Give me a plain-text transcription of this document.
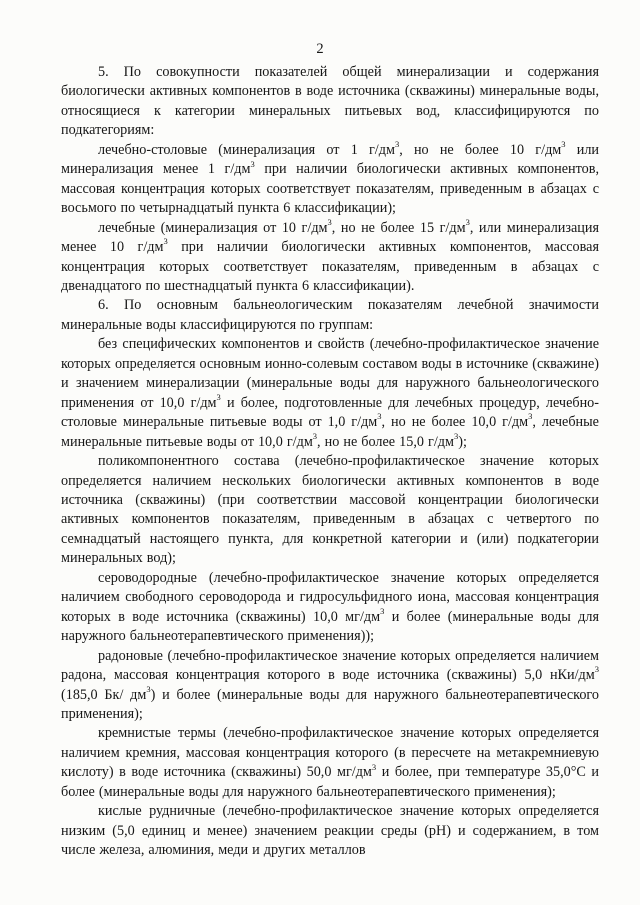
2

5. По совокупности показателей общей минерализации и содержания биологически активных компонентов в воде источника (скважины) минеральные воды, относящиеся к категории минеральных питьевых вод, классифицируются по подкатегориям:

лечебно-столовые (минерализация от 1 $г/дм^3$, но не более 10 $г/дм^3$ или минерализация менее 1 $г/дм^3$ при наличии биологически активных компонентов, массовая концентрация которых соответствует показателям, приведенным в абзацах с восьмого по четырнадцатый пункта 6 классификации);

лечебные (минерализация от 10 $г/дм^3$, но не более 15 $г/дм^3$, или минерализация менее 10 $г/дм^3$ при наличии биологически активных компонентов, массовая концентрация которых соответствует показателям, приведенным в абзацах с двенадцатого по шестнадцатый пункта 6 классификации).

6. По основным бальнеологическим показателям лечебной значимости минеральные воды классифицируются по группам:

без специфических компонентов и свойств (лечебно-профилактическое значение которых определяется основным ионно-солевым составом воды в источнике (скважине) и значением минерализации (минеральные воды для наружного бальнеологического применения от 10,0 $г/дм^3$ и более, подготовленные для лечебных процедур, лечебно-столовые минеральные питьевые воды от 1,0 $г/дм^3$, но не более 10,0 $г/дм^3$, лечебные минеральные питьевые воды от 10,0 $г/дм^3$, но не более 15,0 $г/дм^3$);

поликомпонентного состава (лечебно-профилактическое значение которых определяется наличием нескольких биологически активных компонентов в воде источника (скважины) (при соответствии массовой концентрации биологически активных компонентов показателям, приведенным в абзацах с четвертого по семнадцатый настоящего пункта, для конкретной категории и (или) подкатегории минеральных вод);

сероводородные (лечебно-профилактическое значение которых определяется наличием свободного сероводорода и гидросульфидного иона, массовая концентрация которых в воде источника (скважины) 10,0 $мг/дм^3$ и более (минеральные воды для наружного бальнеотерапевтического применения));

радоновые (лечебно-профилактическое значение которых определяется наличием радона, массовая концентрация которого в воде источника (скважины) 5,0 нКи/$дм^3$ (185,0 Бк/ $дм^3$) и более (минеральные воды для наружного бальнеотерапевтического применения);

кремнистые термы (лечебно-профилактическое значение которых определяется наличием кремния, массовая концентрация которого (в пересчете на метакремниевую кислоту) в воде источника (скважины) 50,0 $мг/дм^3$ и более, при температуре 35,0°С и более (минеральные воды для наружного бальнеотерапевтического применения);

кислые рудничные (лечебно-профилактическое значение которых определяется низким (5,0 единиц и менее) значением реакции среды (pH) и содержанием, в том числе железа, алюминия, меди и других металлов
